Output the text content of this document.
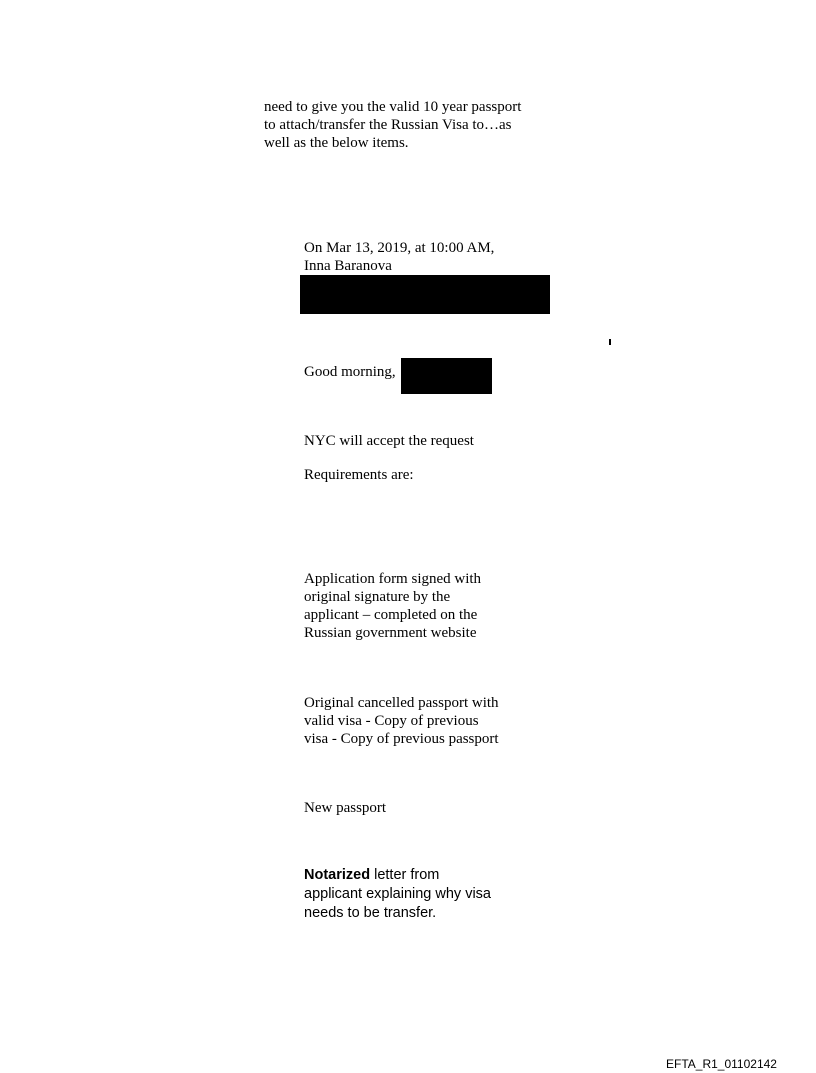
need to give you the valid 10 year passport
to attach/transfer the Russian Visa to…as
well as the below items.
On Mar 13, 2019, at 10:00 AM,
Inna Baranova
Good morning,
NYC will accept the request
Requirements are:
Application form signed with
original signature by the
applicant – completed on the
Russian government website
Original cancelled passport with
valid visa - Copy of previous
visa - Copy of previous passport
New passport
Notarized letter from
applicant explaining why visa
needs to be transfer.
EFTA_R1_01102142
